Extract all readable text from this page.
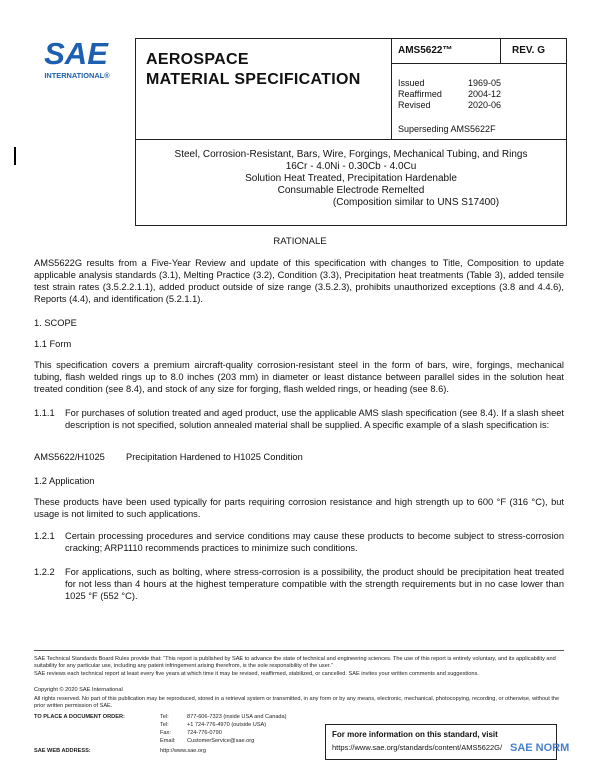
SAE
INTERNATIONAL®
AEROSPACE
MATERIAL SPECIFICATION
AMS5622™	REV. G
Issued	1969-05
Reaffirmed	2004-12
Revised	2020-06
Superseding AMS5622F
Steel, Corrosion-Resistant, Bars, Wire, Forgings, Mechanical Tubing, and Rings
16Cr - 4.0Ni - 0.30Cb - 4.0Cu
Solution Heat Treated, Precipitation Hardenable
Consumable Electrode Remelted
(Composition similar to UNS S17400)
RATIONALE
AMS5622G results from a Five-Year Review and update of this specification with changes to Title, Composition to update applicable analysis standards (3.1), Melting Practice (3.2), Condition (3.3), Precipitation heat treatments (Table 3), added tensile test strain rates (3.5.2.2.1.1), added product outside of size range (3.5.2.3), prohibits unauthorized exceptions (3.8 and 4.4.6), Reports (4.4), and identification (5.2.1.1).
1. SCOPE
1.1 Form
This specification covers a premium aircraft-quality corrosion-resistant steel in the form of bars, wire, forgings, mechanical tubing, flash welded rings up to 8.0 inches (203 mm) in diameter or least distance between parallel sides in the solution heat treated condition (see 8.4), and stock of any size for forging, flash welded rings, or heading (see 8.6).
1.1.1 For purchases of solution treated and aged product, use the applicable AMS slash specification (see 8.4). If a slash sheet description is not specified, solution annealed material shall be supplied. A specific example of a slash specification is:
AMS5622/H1025 Precipitation Hardened to H1025 Condition
1.2 Application
These products have been used typically for parts requiring corrosion resistance and high strength up to 600 °F (316 °C), but usage is not limited to such applications.
1.2.1 Certain processing procedures and service conditions may cause these products to become subject to stress-corrosion cracking; ARP1110 recommends practices to minimize such conditions.
1.2.2 For applications, such as bolting, where stress-corrosion is a possibility, the product should be precipitation heat treated for not less than 4 hours at the highest temperature compatible with the strength requirements but in no case lower than 1025 °F (552 °C).
SAE Technical Standards Board Rules provide that: “This report is published by SAE to advance the state of technical and engineering sciences. The use of this report is entirely voluntary, and its applicability and suitability for any particular use, including any patent infringement arising therefrom, is the sole responsibility of the user.”
SAE reviews each technical report at least every five years at which time it may be revised, reaffirmed, stabilized, or cancelled. SAE invites your written comments and suggestions.
Copyright © 2020 SAE International
All rights reserved. No part of this publication may be reproduced, stored in a retrieval system or transmitted, in any form or by any means, electronic, mechanical, photocopying, recording, or otherwise, without the prior written permission of SAE.
TO PLACE A DOCUMENT ORDER:	Tel:	877-606-7323 (inside USA and Canada)
Tel:	+1 724-776-4970 (outside USA)
Fax:	724-776-0790
Email: CustomerService@sae.org
SAE WEB ADDRESS:	http://www.sae.org
For more information on this standard, visit
https://www.sae.org/standards/content/AMS5622G/ SAE NORM
